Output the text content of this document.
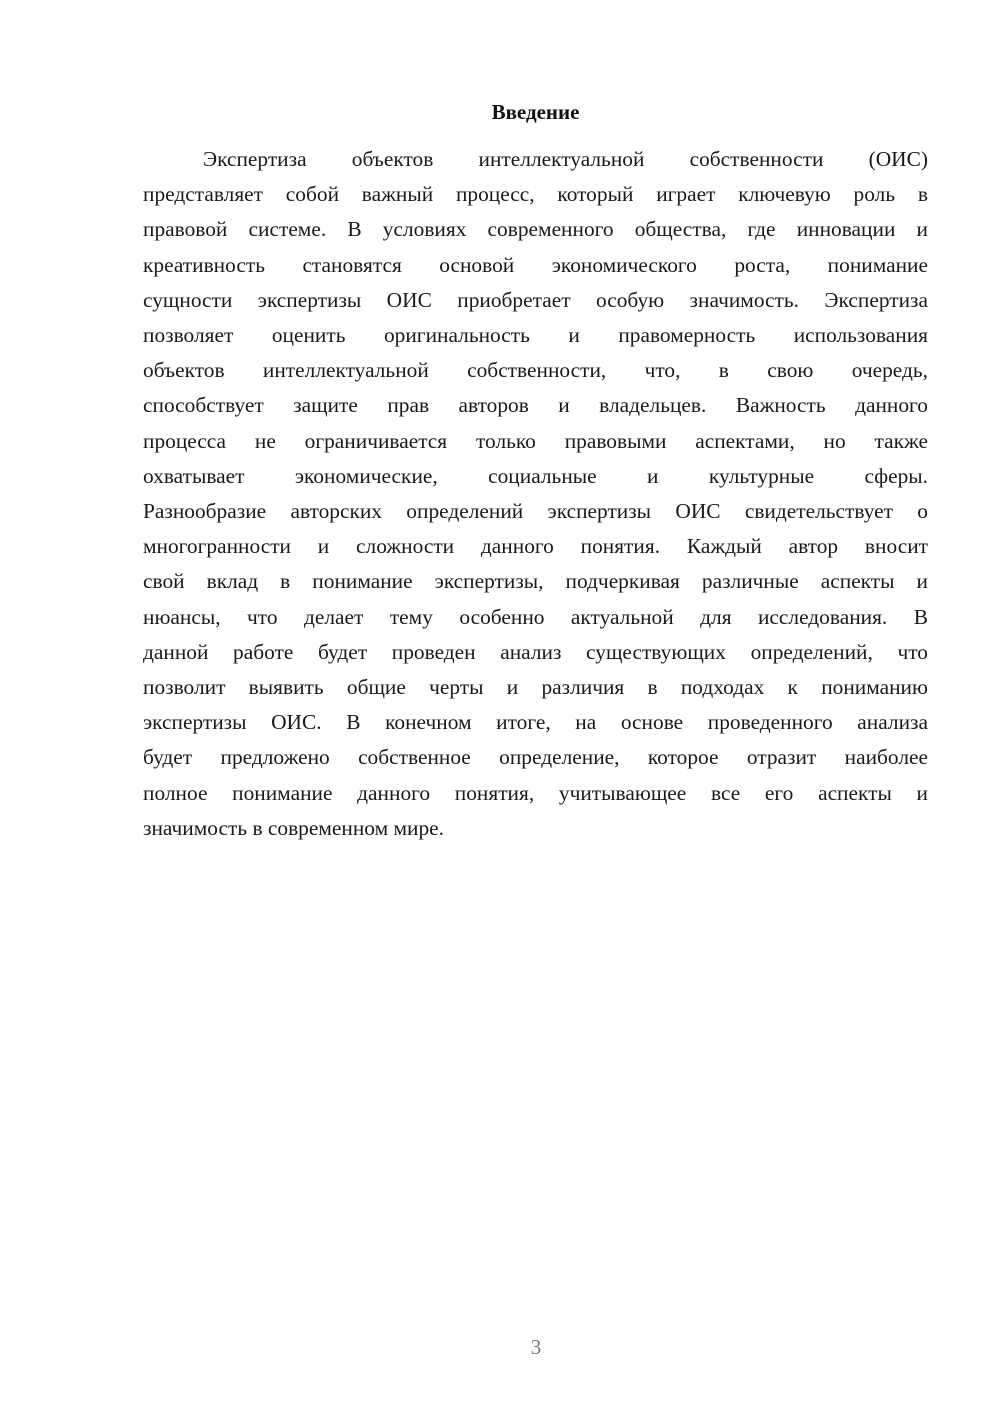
Введение
Экспертиза объектов интеллектуальной собственности (ОИС)
представляет собой важный процесс, который играет ключевую роль в
правовой системе. В условиях современного общества, где инновации и
креативность становятся основой экономического роста, понимание
сущности экспертизы ОИС приобретает особую значимость. Экспертиза
позволяет оценить оригинальность и правомерность использования
объектов интеллектуальной собственности, что, в свою очередь,
способствует защите прав авторов и владельцев. Важность данного
процесса не ограничивается только правовыми аспектами, но также
охватывает экономические, социальные и культурные сферы.
Разнообразие авторских определений экспертизы ОИС свидетельствует о
многогранности и сложности данного понятия. Каждый автор вносит
свой вклад в понимание экспертизы, подчеркивая различные аспекты и
нюансы, что делает тему особенно актуальной для исследования. В
данной работе будет проведен анализ существующих определений, что
позволит выявить общие черты и различия в подходах к пониманию
экспертизы ОИС. В конечном итоге, на основе проведенного анализа
будет предложено собственное определение, которое отразит наиболее
полное понимание данного понятия, учитывающее все его аспекты и
значимость в современном мире.
3
